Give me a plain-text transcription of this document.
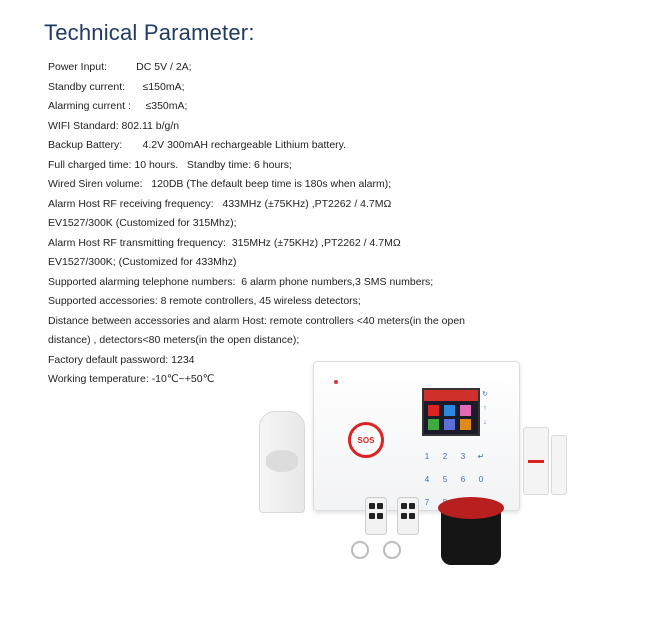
Technical Parameter:
Power Input:	DC 5V / 2A;
Standby current: ≤150mA;
Alarming current : ≤350mA;
WIFI Standard: 802.11 b/g/n
Backup Battery: 4.2V 300mAH rechargeable Lithium battery.
Full charged time: 10 hours.   Standby time: 6 hours;
Wired Siren volume: 120DB (The default beep time is 180s when alarm);
Alarm Host RF receiving frequency: 433MHz (±75KHz) ,PT2262 / 4.7MΩ
EV1527/300K (Customized for 315Mhz);
Alarm Host RF transmitting frequency: 315MHz (±75KHz) ,PT2262 / 4.7MΩ
EV1527/300K; (Customized for 433Mhz)
Supported alarming telephone numbers: 6 alarm phone numbers,3 SMS numbers;
Supported accessories: 8 remote controllers, 45 wireless detectors;
Distance between accessories and alarm Host: remote controllers <40 meters(in the open
distance) , detectors<80 meters(in the open distance);
Factory default password: 1234
Working temperature: -10℃~+50℃
SOS
↻
↑
↓
1 2 3 ↵
4 5 6 0
7
